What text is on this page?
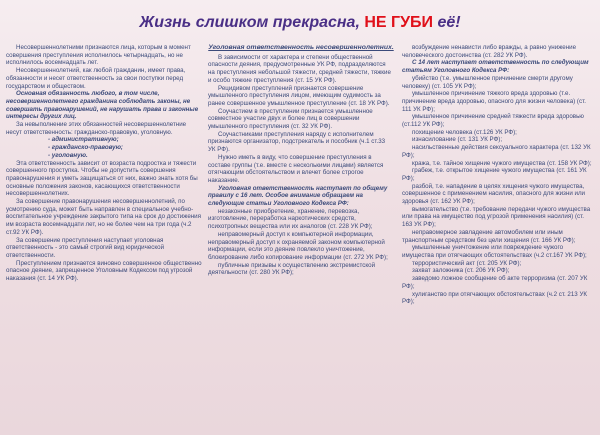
Жизнь слишком прекрасна, НЕ ГУБИ её!

Несовершеннолетними признаются лица, которым в момент совершения преступления исполнилось четырнадцать, но не исполнилось восемнадцать лет.

Несовершеннолетний, как любой гражданин, имеет права, обязанности и несет ответственность за свои поступки перед государством и обществом.

Основная обязанность любого, в том числе, несовершеннолетнего гражданина соблюдать законы, не совершать правонарушений, не нарушать права и законные интересы других лиц.

За невыполнение этих обязанностей несовершеннолетние несут ответственность: гражданско-правовую, уголовную.

- административную;

- гражданско-правовую;

- уголовную.

Эта ответственность зависит от возраста подростка и тяжести совершенного проступка. Чтобы не допустить совершения правонарушения и уметь защищаться от них, важно знать хотя бы основные положения законов, касающихся ответственности несовершеннолетних.

За совершение правонарушения несовершеннолетний, по усмотрению суда, может быть направлен в специальное учебно-воспитательное учреждение закрытого типа на срок до достижения им возраста восемнадцати лет, но не более чем на три года (ч.2 ст.92 УК РФ).

За совершение преступления наступает уголовная ответственность - это самый строгий вид юридической ответственности.

Преступлением признается виновно совершенное общественно опасное деяние, запрещенное Уголовным Кодексом под угрозой наказания (ст. 14 УК РФ).

Уголовная ответственность несовершеннолетних.

В зависимости от характера и степени общественной опасности деяния, предусмотренные УК РФ, подразделяются на преступления небольшой тяжести, средней тяжести, тяжкие и особо тяжкие преступления (ст. 15 УК РФ).

Рецидивом преступлений признается совершение умышленного преступления лицом, имеющим судимость за ранее совершенное умышленное преступление (ст. 18 УК РФ).

Соучастием в преступлении признается умышленное совместное участие двух и более лиц в совершении умышленного преступления (ст. 32 УК РФ).

Соучастниками преступления наряду с исполнителем признаются организатор, подстрекатель и пособник (ч.1 ст.33 УК РФ).

Нужно иметь в виду, что совершение преступления в составе группы (т.е. вместе с несколькими лицами) является отягчающим обстоятельством и влечет более строгое наказание.

Уголовная ответственность наступает по общему правилу с 16 лет. Особое внимание обращаем на следующие статьи Уголовного Кодекса РФ:

незаконные приобретение, хранение, перевозка, изготовление, переработка наркотических средств, психотропных вещества или их аналогов (ст. 228 УК РФ);

неправомерный доступ к компьютерной информации, неправомерный доступ к охраняемой законом компьютерной информации, если это деяние повлекло уничтожение, блокирование либо копирование информации (ст. 272 УК РФ);

публичные призывы к осуществлению экстремистской деятельности (ст. 280 УК РФ);

возбуждение ненависти либо вражды, а равно унижение человеческого достоинства (ст. 282 УК РФ).

С 14 лет наступает ответственность по следующим статьям Уголовного Кодекса РФ:

убийство (т.е. умышленное причинение смерти другому человеку) (ст. 105 УК РФ);

умышленное причинение тяжкого вреда здоровью (т.е. причинение вреда здоровью, опасного для жизни человека) (ст. 111 УК РФ);

умышленное причинение средней тяжести вреда здоровью (ст.112 УК РФ);

похищение человека (ст.126 УК РФ);

изнасилование (ст. 131 УК РФ);

насильственные действия сексуального характера (ст. 132 УК РФ);

кража, т.е. тайное хищение чужого имущества (ст. 158 УК РФ);

грабеж, т.е. открытое хищение чужого имущества (ст. 161 УК РФ);

разбой, т.е. нападение в целях хищения чужого имущества, совершенное с применением насилия, опасного для жизни или здоровья (ст. 162 УК РФ);

вымогательство (т.е. требование передачи чужого имущества или права на имущество под угрозой применения насилия) (ст. 163 УК РФ);

неправомерное завладение автомобилем или иным транспортным средством без цели хищения (ст. 166 УК РФ);

умышленные уничтожение или повреждение чужого имущества при отягчающих обстоятельствах (ч.2 ст.167 УК РФ);

террористический акт (ст. 205 УК РФ);

захват заложника (ст. 206 УК РФ);

заведомо ложное сообщение об акте терроризма (ст. 207 УК РФ);

хулиганство при отягчающих обстоятельствах (ч.2 ст. 213 УК РФ);
